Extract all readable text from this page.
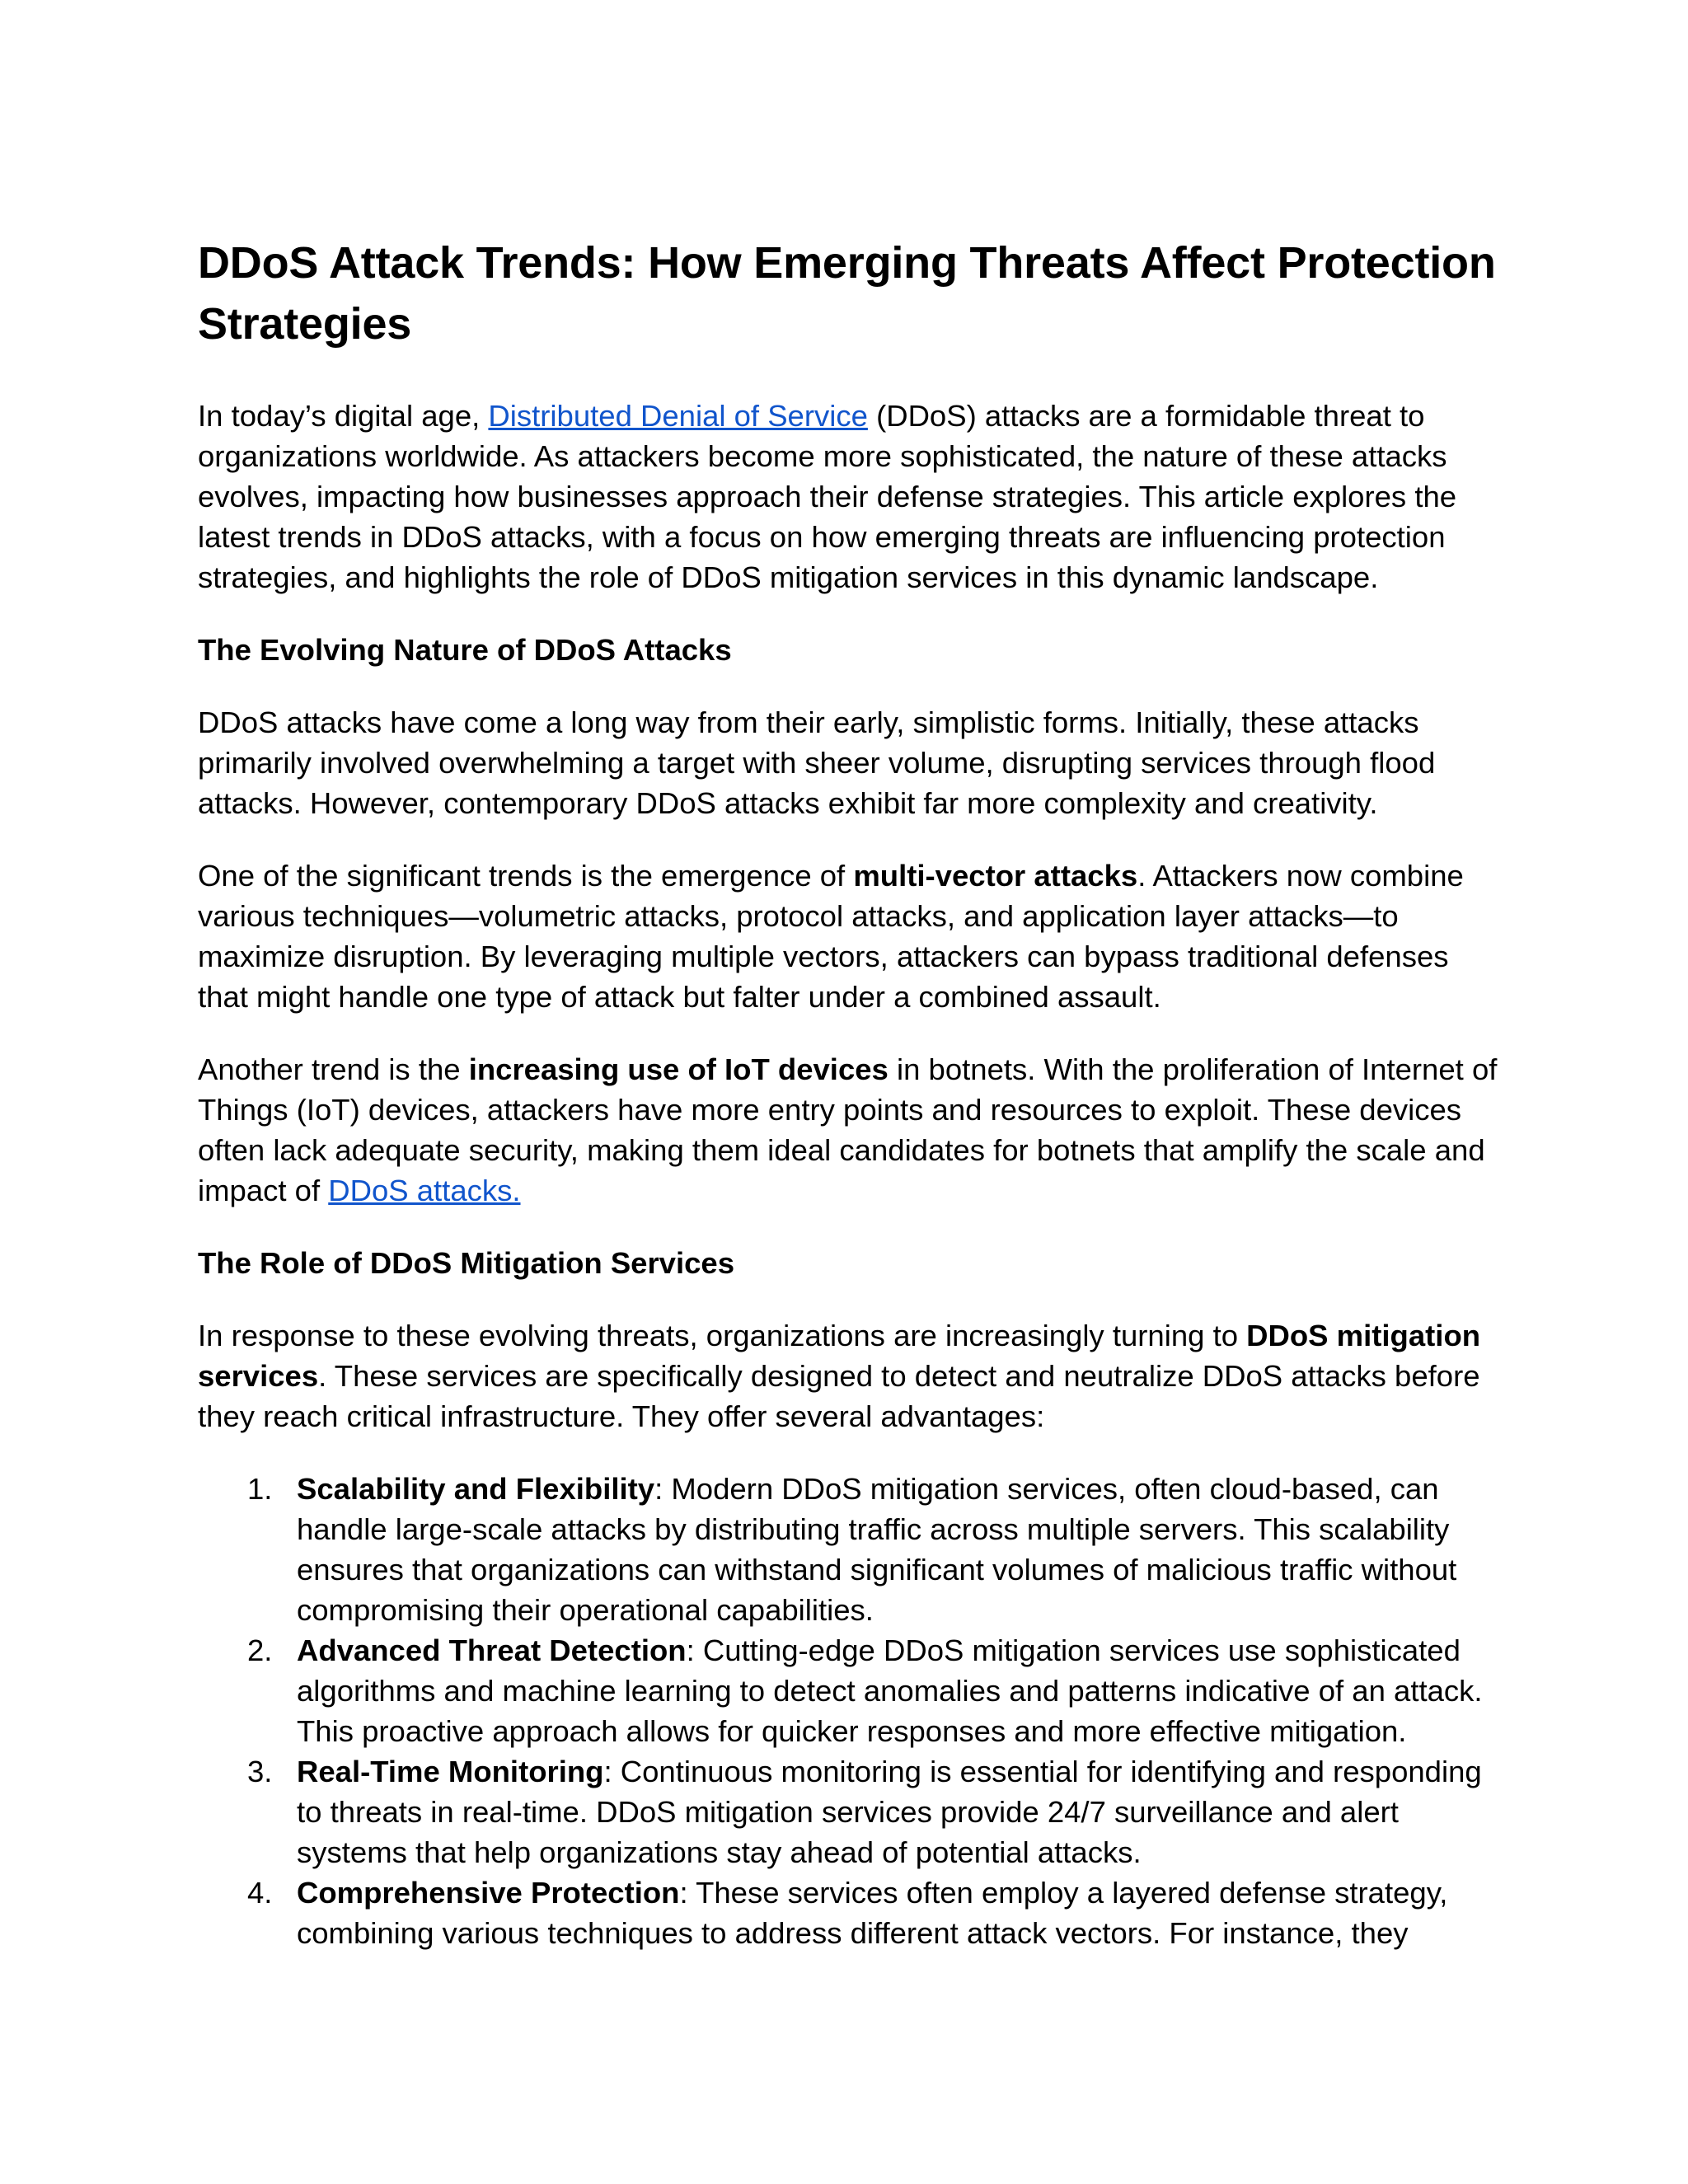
DDoS Attack Trends: How Emerging Threats Affect Protection Strategies

In today’s digital age, Distributed Denial of Service (DDoS) attacks are a formidable threat to organizations worldwide. As attackers become more sophisticated, the nature of these attacks evolves, impacting how businesses approach their defense strategies. This article explores the latest trends in DDoS attacks, with a focus on how emerging threats are influencing protection strategies, and highlights the role of DDoS mitigation services in this dynamic landscape.

The Evolving Nature of DDoS Attacks

DDoS attacks have come a long way from their early, simplistic forms. Initially, these attacks primarily involved overwhelming a target with sheer volume, disrupting services through flood attacks. However, contemporary DDoS attacks exhibit far more complexity and creativity.

One of the significant trends is the emergence of multi-vector attacks. Attackers now combine various techniques—volumetric attacks, protocol attacks, and application layer attacks—to maximize disruption. By leveraging multiple vectors, attackers can bypass traditional defenses that might handle one type of attack but falter under a combined assault.

Another trend is the increasing use of IoT devices in botnets. With the proliferation of Internet of Things (IoT) devices, attackers have more entry points and resources to exploit. These devices often lack adequate security, making them ideal candidates for botnets that amplify the scale and impact of DDoS attacks.

The Role of DDoS Mitigation Services

In response to these evolving threats, organizations are increasingly turning to DDoS mitigation services. These services are specifically designed to detect and neutralize DDoS attacks before they reach critical infrastructure. They offer several advantages:

1. Scalability and Flexibility: Modern DDoS mitigation services, often cloud-based, can handle large-scale attacks by distributing traffic across multiple servers. This scalability ensures that organizations can withstand significant volumes of malicious traffic without compromising their operational capabilities.
2. Advanced Threat Detection: Cutting-edge DDoS mitigation services use sophisticated algorithms and machine learning to detect anomalies and patterns indicative of an attack. This proactive approach allows for quicker responses and more effective mitigation.
3. Real-Time Monitoring: Continuous monitoring is essential for identifying and responding to threats in real-time. DDoS mitigation services provide 24/7 surveillance and alert systems that help organizations stay ahead of potential attacks.
4. Comprehensive Protection: These services often employ a layered defense strategy, combining various techniques to address different attack vectors. For instance, they
